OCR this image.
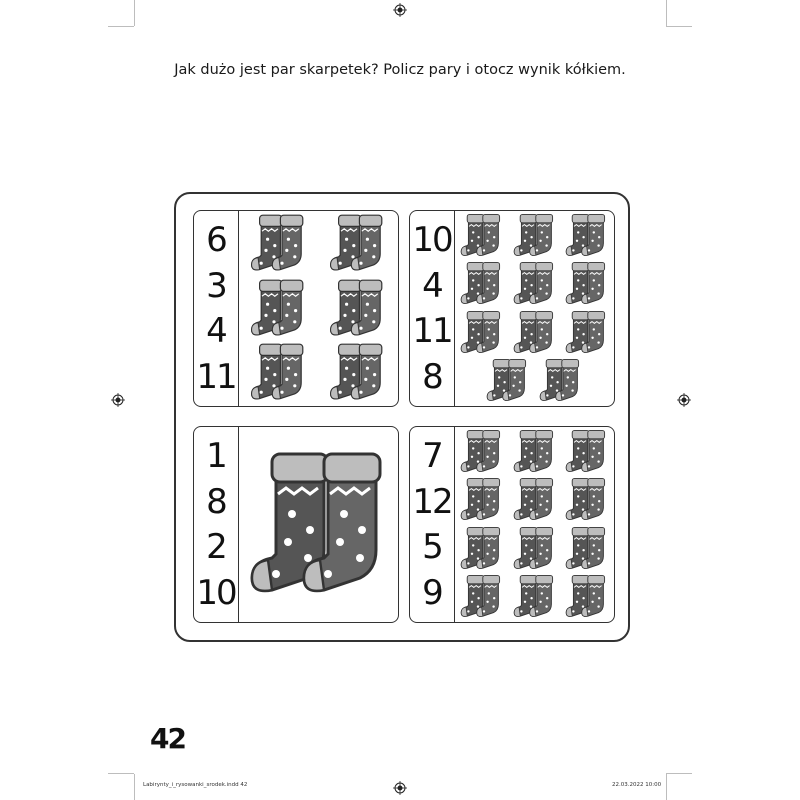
Jak dużo jest par skarpetek? Policz pary i otocz wynik kółkiem.
6
3
4
11
10
4
11
8
1
8
2
10
7
12
5
9
42
Labirynty_i_rysowanki_srodek.indd 42	22.03.2022 10:00
